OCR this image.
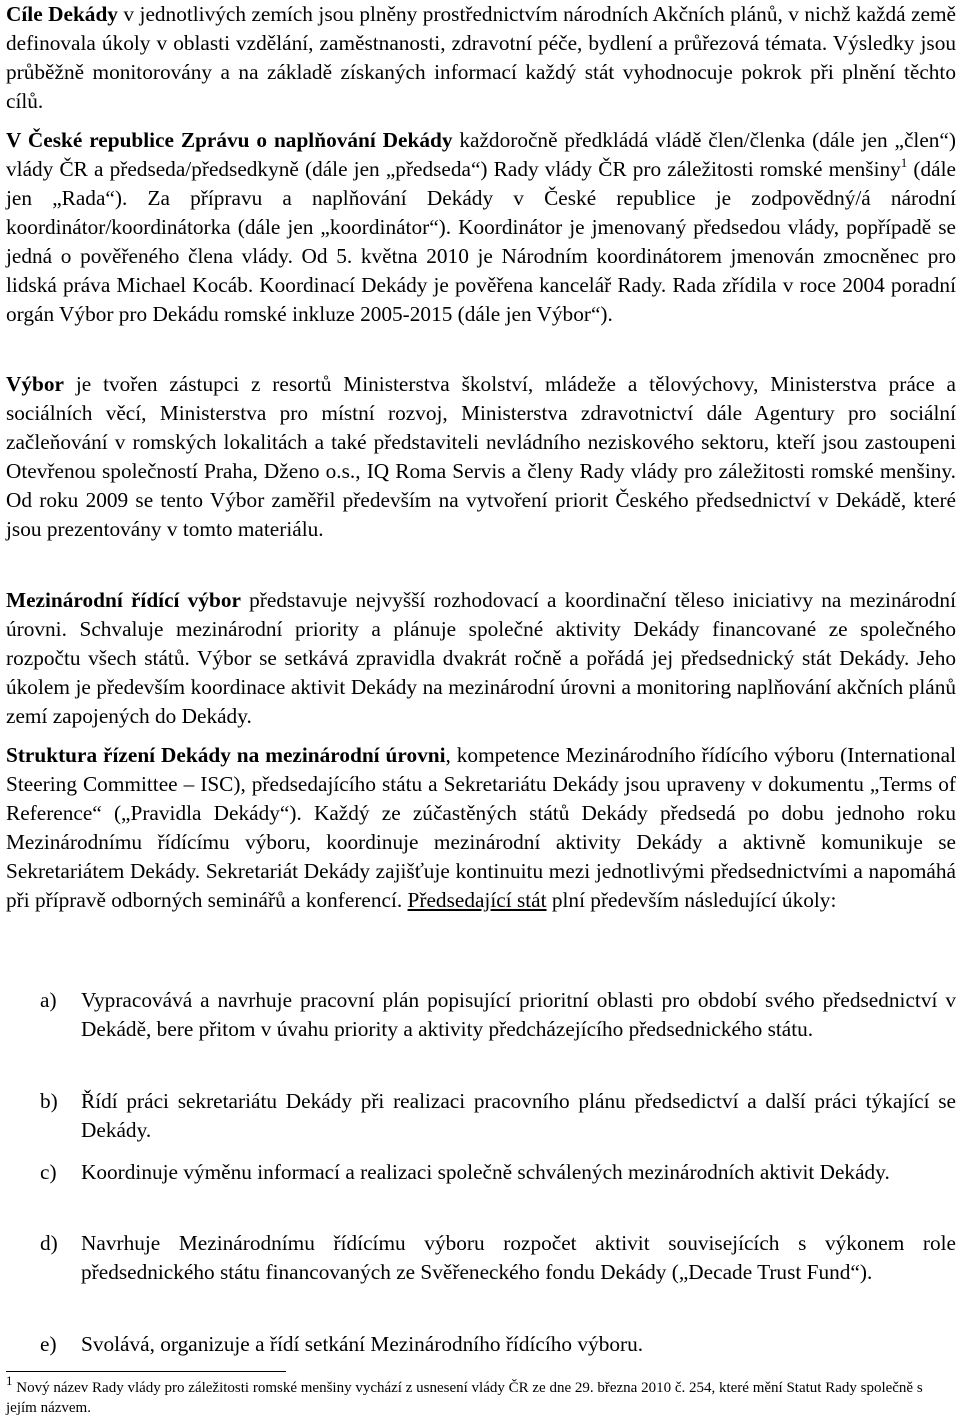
Cíle Dekády v jednotlivých zemích jsou plněny prostřednictvím národních Akčních plánů, v nichž každá země definovala úkoly v oblasti vzdělání, zaměstnanosti, zdravotní péče, bydlení a průřezová témata. Výsledky jsou průběžně monitorovány a na základě získaných informací každý stát vyhodnocuje pokrok při plnění těchto cílů.

V České republice Zprávu o naplňování Dekády každoročně předkládá vládě člen/členka (dále jen „člen“) vlády ČR a předseda/předsedkyně (dále jen „předseda“) Rady vlády ČR pro záležitosti romské menšiny$^1$ (dále jen „Rada“). Za přípravu a naplňování Dekády v České republice je zodpovědný/á národní koordinátor/koordinátorka (dále jen „koordinátor“). Koordinátor je jmenovaný předsedou vlády, popřípadě se jedná o pověřeného člena vlády. Od 5. května 2010 je Národním koordinátorem jmenován zmocněnec pro lidská práva Michael Kocáb. Koordinací Dekády je pověřena kancelář Rady. Rada zřídila v roce 2004 poradní orgán Výbor pro Dekádu romské inkluze 2005-2015 (dále jen Výbor“).

Výbor je tvořen zástupci z resortů Ministerstva školství, mládeže a tělovýchovy, Ministerstva práce a sociálních věcí, Ministerstva pro místní rozvoj, Ministerstva zdravotnictví dále Agentury pro sociální začleňování v romských lokalitách a také představiteli nevládního neziskového sektoru, kteří jsou zastoupeni Otevřenou společností Praha, Dženo o.s., IQ Roma Servis a členy Rady vlády pro záležitosti romské menšiny. Od roku 2009 se tento Výbor zaměřil především na vytvoření priorit Českého předsednictví v Dekádě, které jsou prezentovány v tomto materiálu.

Mezinárodní řídící výbor představuje nejvyšší rozhodovací a koordinační těleso iniciativy na mezinárodní úrovni. Schvaluje mezinárodní priority a plánuje společné aktivity Dekády financované ze společného rozpočtu všech států. Výbor se setkává zpravidla dvakrát ročně a pořádá jej předsednický stát Dekády. Jeho úkolem je především koordinace aktivit Dekády na mezinárodní úrovni a monitoring naplňování akčních plánů zemí zapojených do Dekády.

Struktura řízení Dekády na mezinárodní úrovni, kompetence Mezinárodního řídícího výboru (International Steering Committee – ISC), předsedajícího státu a Sekretariátu Dekády jsou upraveny v dokumentu „Terms of Reference“ („Pravidla Dekády“). Každý ze zúčastěných států Dekády předsedá po dobu jednoho roku Mezinárodnímu řídícímu výboru, koordinuje mezinárodní aktivity Dekády a aktivně komunikuje se Sekretariátem Dekády. Sekretariát Dekády zajišťuje kontinuitu mezi jednotlivými předsednictvími a napomáhá při přípravě odborných seminářů a konferencí. Předsedající stát plní především následující úkoly:

a) Vypracovává a navrhuje pracovní plán popisující prioritní oblasti pro období svého předsednictví v Dekádě, bere přitom v úvahu priority a aktivity předcházejícího předsednického státu.
b) Řídí práci sekretariátu Dekády při realizaci pracovního plánu předsedictví a další práci týkající se Dekády.
c) Koordinuje výměnu informací a realizaci společně schválených mezinárodních aktivit Dekády.
d) Navrhuje Mezinárodnímu řídícímu výboru rozpočet aktivit souvisejících s výkonem role předsednického státu financovaných ze Svěřeneckého fondu Dekády („Decade Trust Fund“).
e) Svolává, organizuje a řídí setkání Mezinárodního řídícího výboru.

$^1$ Nový název Rady vlády pro záležitosti romské menšiny vychází z usnesení vlády ČR ze dne 29. března 2010 č. 254, které mění Statut Rady společně s jejím názvem.
